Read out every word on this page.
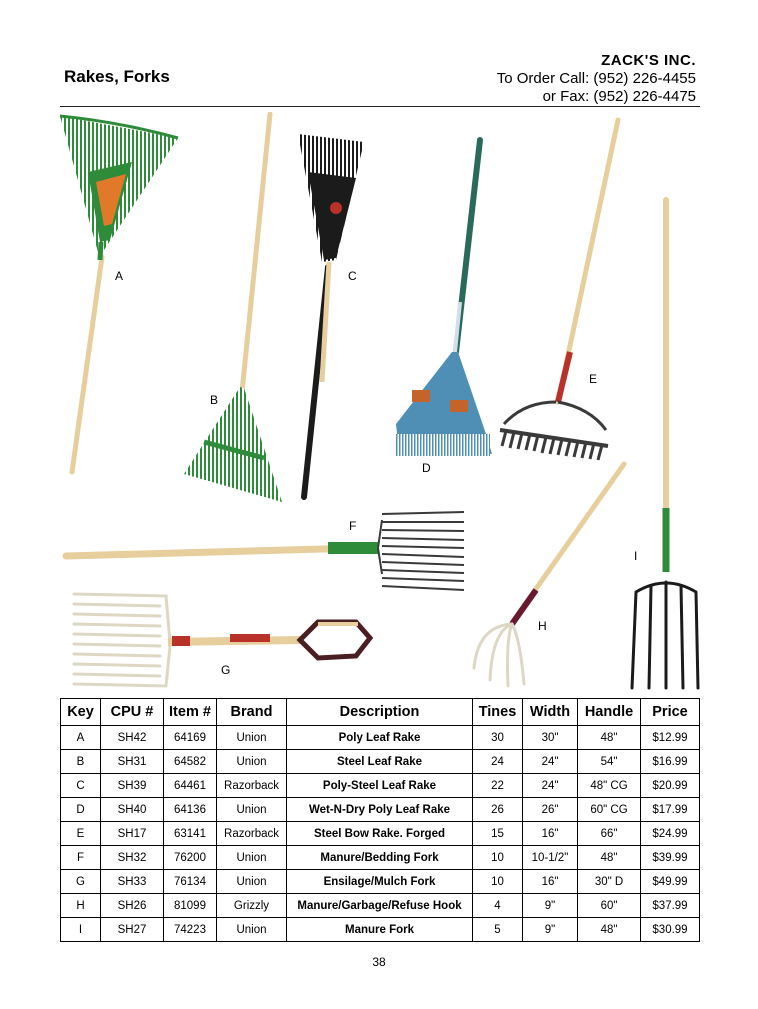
Rakes, Forks
ZACK'S INC.
To Order Call: (952) 226-4455
or Fax: (952) 226-4475
A
B
C
D
E
F
G
H
I
Key	CPU #	Item #	Brand	Description	Tines	Width	Handle	Price
A	SH42	64169	Union	Poly Leaf Rake	30	30"	48"	$12.99
B	SH31	64582	Union	Steel Leaf Rake	24	24"	54"	$16.99
C	SH39	64461	Razorback	Poly-Steel Leaf Rake	22	24"	48" CG	$20.99
D	SH40	64136	Union	Wet-N-Dry Poly Leaf Rake	26	26"	60" CG	$17.99
E	SH17	63141	Razorback	Steel Bow Rake. Forged	15	16"	66"	$24.99
F	SH32	76200	Union	Manure/Bedding Fork	10	10-1/2"	48"	$39.99
G	SH33	76134	Union	Ensilage/Mulch Fork	10	16"	30" D	$49.99
H	SH26	81099	Grizzly	Manure/Garbage/Refuse Hook	4	9"	60"	$37.99
I	SH27	74223	Union	Manure Fork	5	9"	48"	$30.99
38
